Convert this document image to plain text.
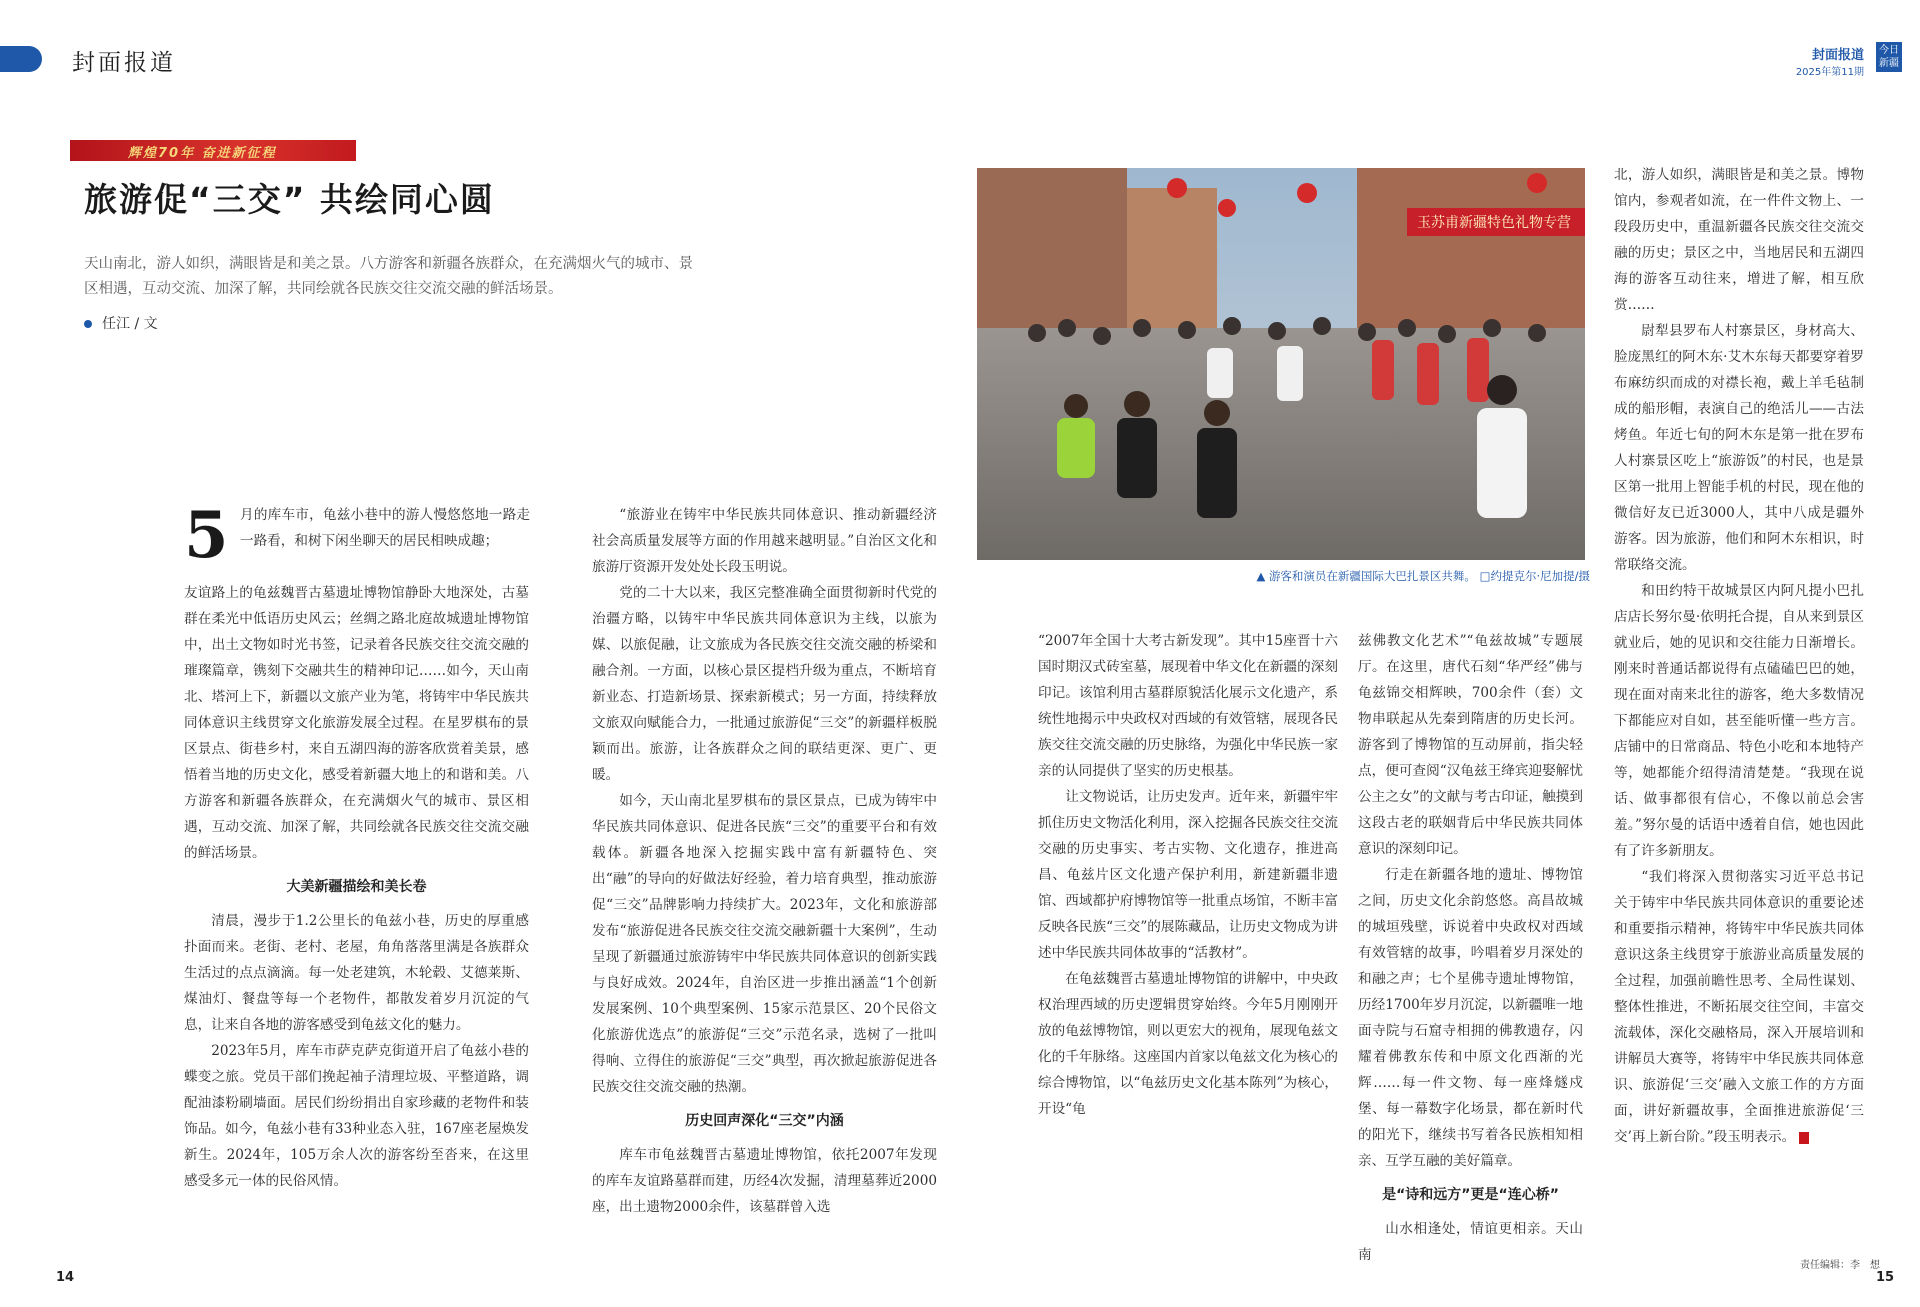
封面报道	封面报道
2025年第11期
今日新疆
辉煌70年 奋进新征程
旅游促“三交” 共绘同心圆
天山南北，游人如织，满眼皆是和美之景。八方游客和新疆各族群众，在充满烟火气的城市、景区相遇，互动交流、加深了解，共同绘就各民族交往交流交融的鲜活场景。
任江 / 文
玉苏甫新疆特色礼物专营
▲ 游客和演员在新疆国际大巴扎景区共舞。 □约提克尔·尼加提/摄
5 月的库车市，龟兹小巷中的游人慢悠悠地一路走一路看，和树下闲坐聊天的居民相映成趣；

友谊路上的龟兹魏晋古墓遗址博物馆静卧大地深处，古墓群在柔光中低语历史风云；丝绸之路北庭故城遗址博物馆中，出土文物如时光书签，记录着各民族交往交流交融的璀璨篇章，镌刻下交融共生的精神印记……如今，天山南北、塔河上下，新疆以文旅产业为笔，将铸牢中华民族共同体意识主线贯穿文化旅游发展全过程。在星罗棋布的景区景点、街巷乡村，来自五湖四海的游客欣赏着美景，感悟着当地的历史文化，感受着新疆大地上的和谐和美。八方游客和新疆各族群众，在充满烟火气的城市、景区相遇，互动交流、加深了解，共同绘就各民族交往交流交融的鲜活场景。

大美新疆描绘和美长卷

清晨，漫步于1.2公里长的龟兹小巷，历史的厚重感扑面而来。老街、老村、老屋，角角落落里满是各族群众生活过的点点滴滴。每一处老建筑，木轮毂、艾德莱斯、煤油灯、餐盘等每一个老物件，都散发着岁月沉淀的气息，让来自各地的游客感受到龟兹文化的魅力。

2023年5月，库车市萨克萨克街道开启了龟兹小巷的蝶变之旅。党员干部们挽起袖子清理垃圾、平整道路，调配油漆粉刷墙面。居民们纷纷捐出自家珍藏的老物件和装饰品。如今，龟兹小巷有33种业态入驻，167座老屋焕发新生。2024年，105万余人次的游客纷至沓来，在这里感受多元一体的民俗风情。

“旅游业在铸牢中华民族共同体意识、推动新疆经济社会高质量发展等方面的作用越来越明显。”自治区文化和旅游厅资源开发处处长段玉明说。

党的二十大以来，我区完整准确全面贯彻新时代党的治疆方略，以铸牢中华民族共同体意识为主线，以旅为媒、以旅促融，让文旅成为各民族交往交流交融的桥梁和融合剂。一方面，以核心景区提档升级为重点，不断培育新业态、打造新场景、探索新模式；另一方面，持续释放文旅双向赋能合力，一批通过旅游促“三交”的新疆样板脱颖而出。旅游，让各族群众之间的联结更深、更广、更暖。

如今，天山南北星罗棋布的景区景点，已成为铸牢中华民族共同体意识、促进各民族“三交”的重要平台和有效载体。新疆各地深入挖掘实践中富有新疆特色、突出“融”的导向的好做法好经验，着力培育典型，推动旅游促“三交”品牌影响力持续扩大。2023年，文化和旅游部发布“旅游促进各民族交往交流交融新疆十大案例”，生动呈现了新疆通过旅游铸牢中华民族共同体意识的创新实践与良好成效。2024年，自治区进一步推出涵盖“1个创新发展案例、10个典型案例、15家示范景区、20个民俗文化旅游优选点”的旅游促“三交”示范名录，选树了一批叫得响、立得住的旅游促“三交”典型，再次掀起旅游促进各民族交往交流交融的热潮。

历史回声深化“三交”内涵

库车市龟兹魏晋古墓遗址博物馆，依托2007年发现的库车友谊路墓群而建，历经4次发掘，清理墓葬近2000座，出土遗物2000余件，该墓群曾入选

“2007年全国十大考古新发现”。其中15座晋十六国时期汉式砖室墓，展现着中华文化在新疆的深刻印记。该馆利用古墓群原貌活化展示文化遗产，系统性地揭示中央政权对西域的有效管辖，展现各民族交往交流交融的历史脉络，为强化中华民族一家亲的认同提供了坚实的历史根基。

让文物说话，让历史发声。近年来，新疆牢牢抓住历史文物活化利用，深入挖掘各民族交往交流交融的历史事实、考古实物、文化遗存，推进高昌、龟兹片区文化遗产保护利用，新建新疆非遗馆、西域都护府博物馆等一批重点场馆，不断丰富反映各民族“三交”的展陈藏品，让历史文物成为讲述中华民族共同体故事的“活教材”。

在龟兹魏晋古墓遗址博物馆的讲解中，中央政权治理西域的历史逻辑贯穿始终。今年5月刚刚开放的龟兹博物馆，则以更宏大的视角，展现龟兹文化的千年脉络。这座国内首家以龟兹文化为核心的综合博物馆，以“龟兹历史文化基本陈列”为核心，开设“龟

兹佛教文化艺术”“龟兹故城”专题展厅。在这里，唐代石刻“华严经”佛与龟兹锦交相辉映，700余件（套）文物串联起从先秦到隋唐的历史长河。游客到了博物馆的互动屏前，指尖轻点，便可查阅“汉龟兹王绛宾迎娶解忧公主之女”的文献与考古印证，触摸到这段古老的联姻背后中华民族共同体意识的深刻印记。

行走在新疆各地的遗址、博物馆之间，历史文化余韵悠悠。高昌故城的城垣残壁，诉说着中央政权对西域有效管辖的故事，吟唱着岁月深处的和融之声；七个星佛寺遗址博物馆，历经1700年岁月沉淀，以新疆唯一地面寺院与石窟寺相拥的佛教遗存，闪耀着佛教东传和中原文化西渐的光辉……每一件文物、每一座烽燧戍堡、每一幕数字化场景，都在新时代的阳光下，继续书写着各民族相知相亲、互学互融的美好篇章。

是“诗和远方”更是“连心桥”

山水相逢处，情谊更相亲。天山南

北，游人如织，满眼皆是和美之景。博物馆内，参观者如流，在一件件文物上、一段段历史中，重温新疆各民族交往交流交融的历史；景区之中，当地居民和五湖四海的游客互动往来，增进了解，相互欣赏……

尉犁县罗布人村寨景区，身材高大、脸庞黑红的阿木东·艾木东每天都要穿着罗布麻纺织而成的对襟长袍，戴上羊毛毡制成的船形帽，表演自己的绝活儿——古法烤鱼。年近七旬的阿木东是第一批在罗布人村寨景区吃上“旅游饭”的村民，也是景区第一批用上智能手机的村民，现在他的微信好友已近3000人，其中八成是疆外游客。因为旅游，他们和阿木东相识，时常联络交流。

和田约特干故城景区内阿凡提小巴扎店店长努尔曼·依明托合提，自从来到景区就业后，她的见识和交往能力日渐增长。刚来时普通话都说得有点磕磕巴巴的她，现在面对南来北往的游客，绝大多数情况下都能应对自如，甚至能听懂一些方言。店铺中的日常商品、特色小吃和本地特产等，她都能介绍得清清楚楚。“我现在说话、做事都很有信心，不像以前总会害羞。”努尔曼的话语中透着自信，她也因此有了许多新朋友。

“我们将深入贯彻落实习近平总书记关于铸牢中华民族共同体意识的重要论述和重要指示精神，将铸牢中华民族共同体意识这条主线贯穿于旅游业高质量发展的全过程，加强前瞻性思考、全局性谋划、整体性推进，不断拓展交往空间，丰富交流载体，深化交融格局，深入开展培训和讲解员大赛等，将铸牢中华民族共同体意识、旅游促‘三交’融入文旅工作的方方面面，讲好新疆故事，全面推进旅游促‘三交’再上新台阶。”段玉明表示。

14	15
责任编辑：李　想
